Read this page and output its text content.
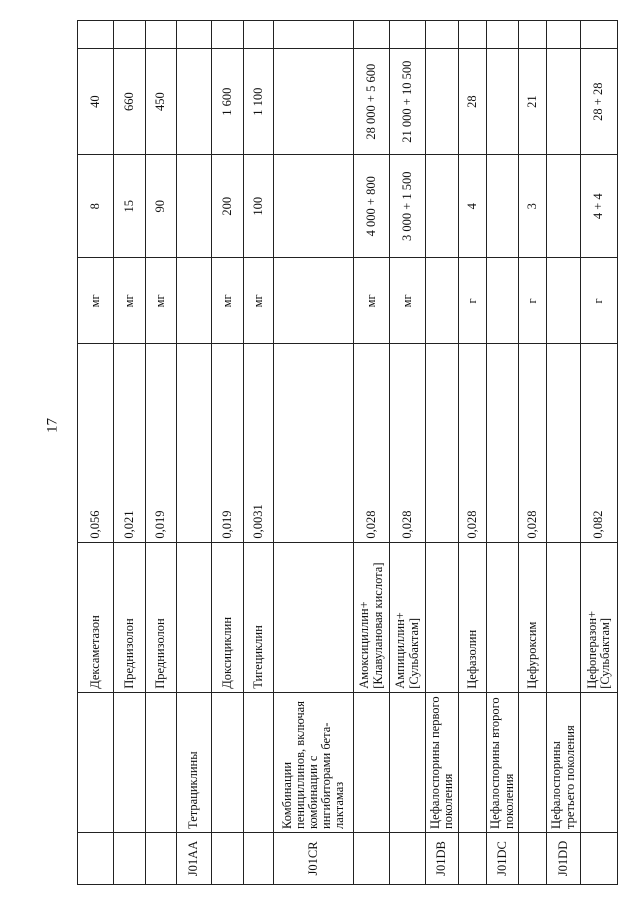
17
		Дексаметазон	0,056	мг	8	40	
		Преднизолон	0,021	мг	15	660	
		Преднизолон	0,019	мг	90	450	
J01AA	Тетрациклины						
		Доксициклин	0,019	мг	200	1 600	
		Тигециклин	0,0031	мг	100	1 100	
J01CR	Комбинации пенициллинов, включая комбинации с ингибиторами бета-лактамаз						
		Амоксициллин+ [Клавулановая кислота]	0,028	мг	4 000 + 800	28 000 + 5 600	
		Ампициллин+ [Сульбактам]	0,028	мг	3 000 + 1 500	21 000 + 10 500	
J01DB	Цефалоспорины первого поколения						
		Цефазолин	0,028	г	4	28	
J01DC	Цефалоспорины второго поколения						
		Цефуроксим	0,028	г	3	21	
J01DD	Цефалоспорины третьего поколения						
		Цефоперазон+ [Сульбактам]	0,082	г	4 + 4	28 + 28	
